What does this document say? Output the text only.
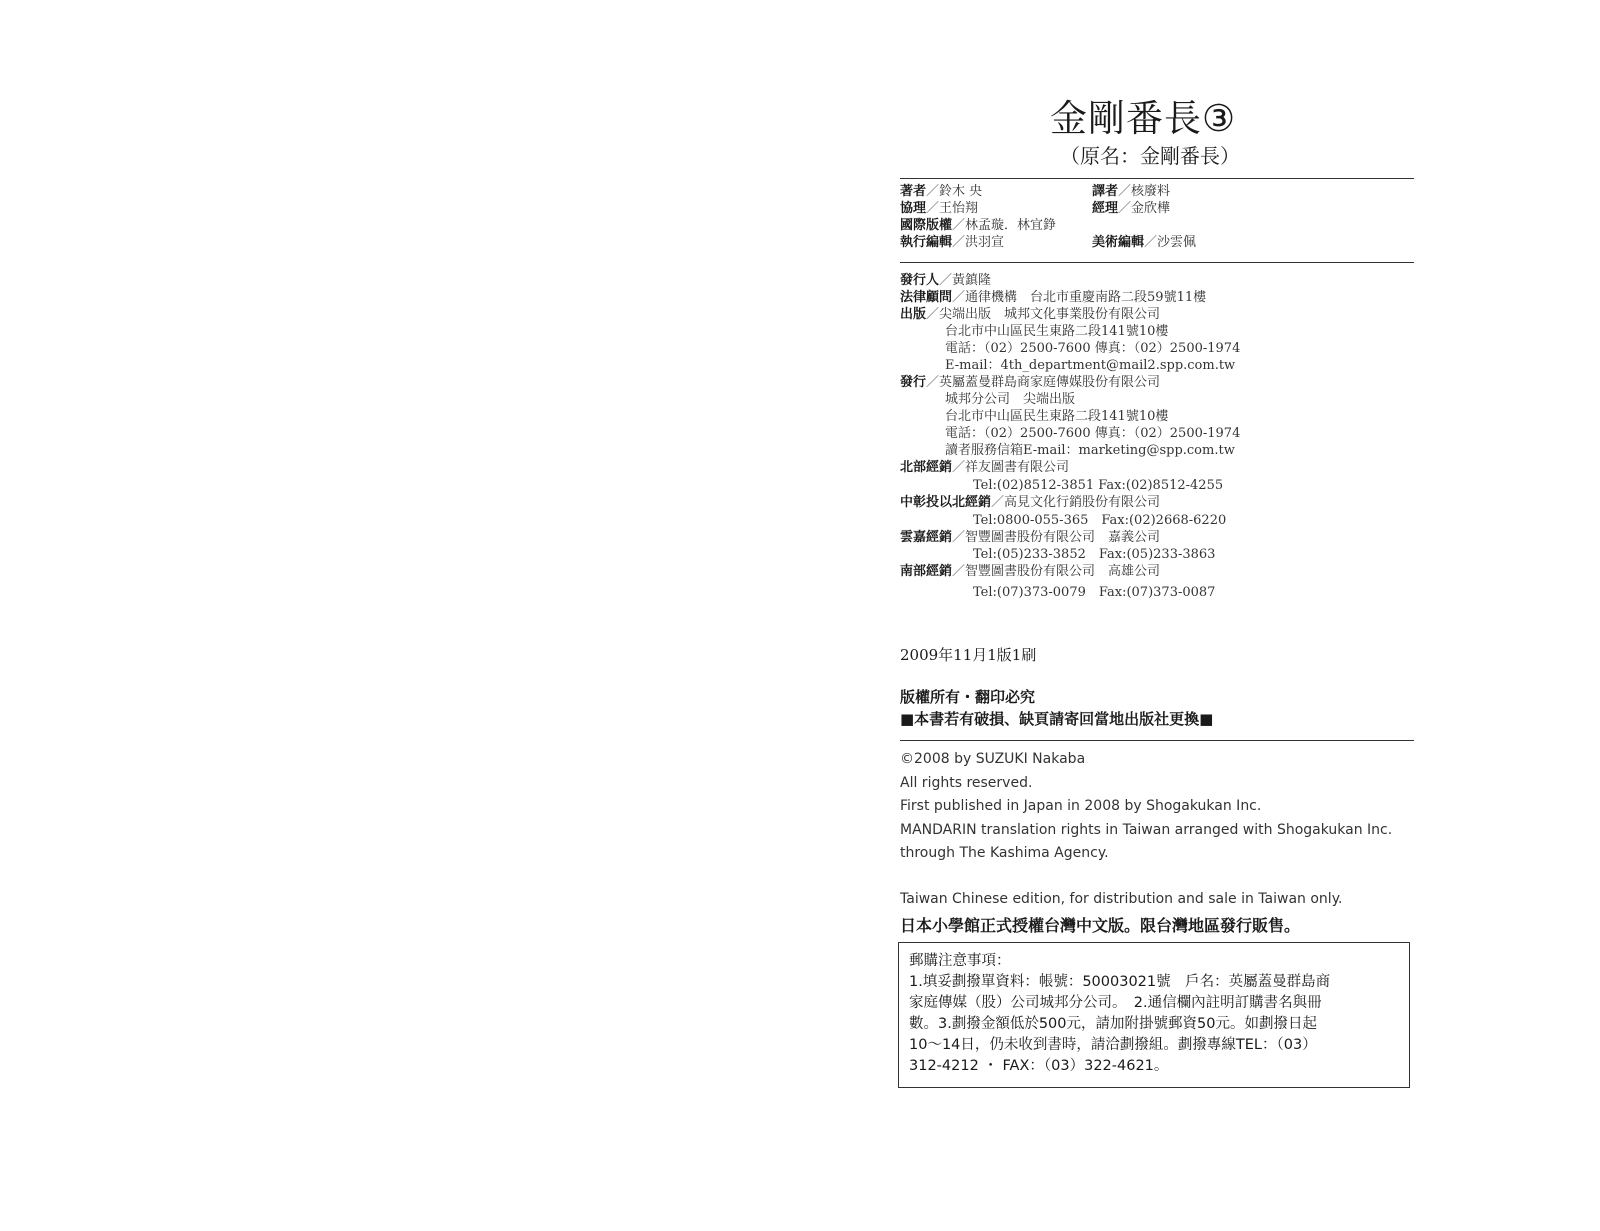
金剛番長③
（原名：金剛番長）
著者／鈴木 央	譯者／核廢料
協理／王怡翔	經理／金欣樺
國際版權／林孟璇．林宜錚
執行編輯／洪羽宣	美術編輯／沙雲佩
發行人／黃鎮隆
法律顧問／通律機構　台北市重慶南路二段59號11樓
出版／尖端出版　城邦文化事業股份有限公司
台北市中山區民生東路二段141號10樓
電話：（02）2500-7600 傳真：（02）2500-1974
E-mail：4th_department@mail2.spp.com.tw
發行／英屬蓋曼群島商家庭傳媒股份有限公司
城邦分公司　尖端出版
台北市中山區民生東路二段141號10樓
電話：（02）2500-7600 傳真：（02）2500-1974
讀者服務信箱E-mail：marketing@spp.com.tw
北部經銷／祥友圖書有限公司
Tel:(02)8512-3851 Fax:(02)8512-4255
中彰投以北經銷／高見文化行銷股份有限公司
Tel:0800-055-365　Fax:(02)2668-6220
雲嘉經銷／智豐圖書股份有限公司　嘉義公司
Tel:(05)233-3852　Fax:(05)233-3863
南部經銷／智豐圖書股份有限公司　高雄公司
Tel:(07)373-0079　Fax:(07)373-0087
2009年11月1版1刷
版權所有・翻印必究
■本書若有破損、缺頁請寄回當地出版社更換■
©2008 by SUZUKI Nakaba
All rights reserved.
First published in Japan in 2008 by Shogakukan Inc.
MANDARIN translation rights in Taiwan arranged with Shogakukan Inc.
through The Kashima Agency.
Taiwan Chinese edition, for distribution and sale in Taiwan only.
日本小學館正式授權台灣中文版。限台灣地區發行販售。
郵購注意事項：
1.填妥劃撥單資料：帳號：50003021號　戶名：英屬蓋曼群島商
家庭傳媒（股）公司城邦分公司。　2.通信欄內註明訂購書名與冊
數。3.劃撥金額低於500元，請加附掛號郵資50元。如劃撥日起
10～14日，仍未收到書時，請洽劃撥組。劃撥專線TEL：（03）
312-4212 ・ FAX：（03）322-4621。
